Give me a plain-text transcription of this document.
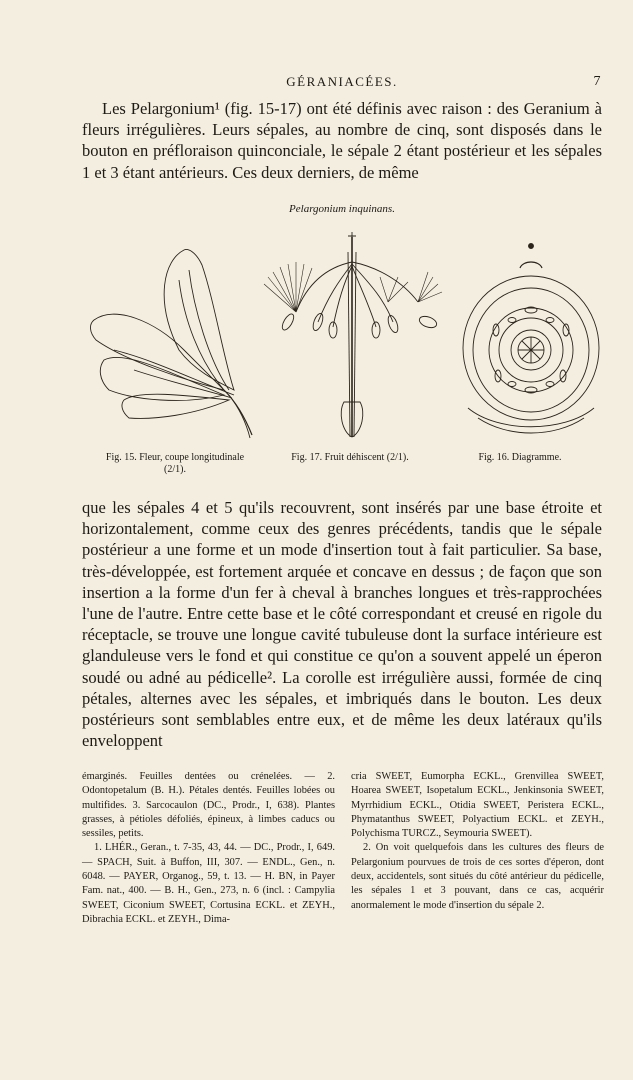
GÉRANIACÉES.	7

Les Pelargonium¹ (fig. 15-17) ont été définis avec raison : des Geranium à fleurs irrégulières. Leurs sépales, au nombre de cinq, sont disposés dans le bouton en préfloraison quinconciale, le sépale 2 étant postérieur et les sépales 1 et 3 étant antérieurs. Ces deux derniers, de même

Pelargonium inquinans.
Fig. 15. Fleur, coupe longitudinale (2/1).
Fig. 17. Fruit déhiscent (2/1).	Fig. 16. Diagramme.

que les sépales 4 et 5 qu'ils recouvrent, sont insérés par une base étroite et horizontalement, comme ceux des genres précédents, tandis que le sépale postérieur a une forme et un mode d'insertion tout à fait particulier. Sa base, très-développée, est fortement arquée et concave en dessus ; de façon que son insertion a la forme d'un fer à cheval à branches longues et très-rapprochées l'une de l'autre. Entre cette base et le côté correspondant et creusé en rigole du réceptacle, se trouve une longue cavité tubuleuse dont la surface intérieure est glanduleuse vers le fond et qui constitue ce qu'on a souvent appelé un éperon soudé ou adné au pédicelle². La corolle est irrégulière aussi, formée de cinq pétales, alternes avec les sépales, et imbriqués dans le bouton. Les deux postérieurs sont semblables entre eux, et de même les deux latéraux qu'ils enveloppent

émarginés. Feuilles dentées ou crénelées. — 2. Odontopetalum (B. H.). Pétales dentés. Feuilles lobées ou multifides. 3. Sarcocaulon (DC., Prodr., I, 638). Plantes grasses, à pétioles défoliés, épineux, à limbes caducs ou sessiles, petits.

1. LHÉR., Geran., t. 7-35, 43, 44. — DC., Prodr., I, 649. — SPACH, Suit. à Buffon, III, 307. — ENDL., Gen., n. 6048. — PAYER, Organog., 59, t. 13. — H. BN, in Payer Fam. nat., 400. — B. H., Gen., 273, n. 6 (incl. : Campylia SWEET, Ciconium SWEET, Cortusina ECKL. et ZEYH., Dibrachia ECKL. et ZEYH., Dima-

cria SWEET, Eumorpha ECKL., Grenvillea SWEET, Hoarea SWEET, Isopetalum ECKL., Jenkinsonia SWEET, Myrrhidium ECKL., Otidia SWEET, Peristera ECKL., Phymatanthus SWEET, Polyactium ECKL. et ZEYH., Polychisma TURCZ., Seymouria SWEET).

2. On voit quelquefois dans les cultures des fleurs de Pelargonium pourvues de trois de ces sortes d'éperon, dont deux, accidentels, sont situés du côté antérieur du pédicelle, les sépales 1 et 3 pouvant, dans ce cas, acquérir anormalement le mode d'insertion du sépale 2.
